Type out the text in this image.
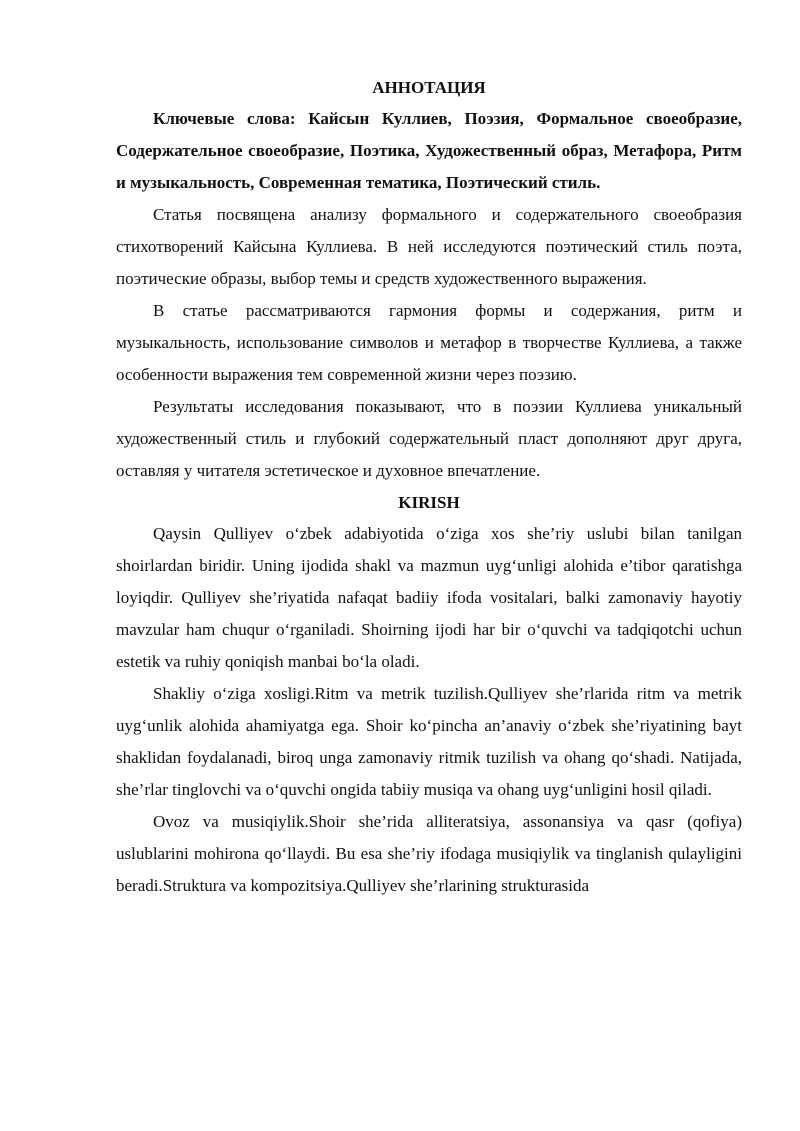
АННОТАЦИЯ

Ключевые слова: Кайсын Куллиев, Поэзия, Формальное своеобразие, Содержательное своеобразие, Поэтика, Художественный образ, Метафора, Ритм и музыкальность, Современная тематика, Поэтический стиль.

Статья посвящена анализу формального и содержательного своеобразия стихотворений Кайсына Куллиева. В ней исследуются поэтический стиль поэта, поэтические образы, выбор темы и средств художественного выражения.

В статье рассматриваются гармония формы и содержания, ритм и музыкальность, использование символов и метафор в творчестве Куллиева, а также особенности выражения тем современной жизни через поэзию.

Результаты исследования показывают, что в поэзии Куллиева уникальный художественный стиль и глубокий содержательный пласт дополняют друг друга, оставляя у читателя эстетическое и духовное впечатление.

KIRISH

Qaysin Qulliyev o‘zbek adabiyotida o‘ziga xos she’riy uslubi bilan tanilgan shoirlardan biridir. Uning ijodida shakl va mazmun uyg‘unligi alohida e’tibor qaratishga loyiqdir. Qulliyev she’riyatida nafaqat badiiy ifoda vositalari, balki zamonaviy hayotiy mavzular ham chuqur o‘rganiladi. Shoirning ijodi har bir o‘quvchi va tadqiqotchi uchun estetik va ruhiy qoniqish manbai bo‘la oladi.

Shakliy o‘ziga xosligi.Ritm va metrik tuzilish.Qulliyev she’rlarida ritm va metrik uyg‘unlik alohida ahamiyatga ega. Shoir ko‘pincha an’anaviy o‘zbek she’riyatining bayt shaklidan foydalanadi, biroq unga zamonaviy ritmik tuzilish va ohang qo‘shadi. Natijada, she’rlar tinglovchi va o‘quvchi ongida tabiiy musiqa va ohang uyg‘unligini hosil qiladi.

Ovoz va musiqiylik.Shoir she’rida alliteratsiya, assonansiya va qasr (qofiya) uslublarini mohirona qo‘llaydi. Bu esa she’riy ifodaga musiqiylik va tinglanish qulayligini beradi.Struktura va kompozitsiya.Qulliyev she’rlarining strukturasida
